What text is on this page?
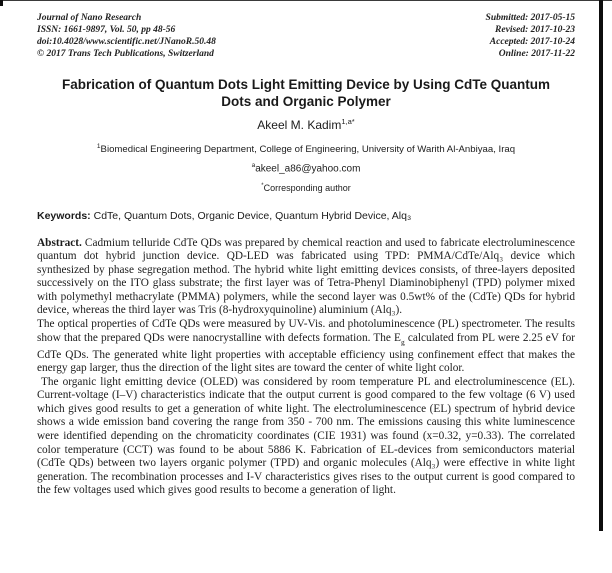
Journal of Nano Research
ISSN: 1661-9897, Vol. 50, pp 48-56
doi:10.4028/www.scientific.net/JNanoR.50.48
© 2017 Trans Tech Publications, Switzerland
Submitted: 2017-05-15
Revised: 2017-10-23
Accepted: 2017-10-24
Online: 2017-11-22
Fabrication of Quantum Dots Light Emitting Device by Using CdTe Quantum Dots and Organic Polymer
Akeel M. Kadim$^{1,a*}$
$^1$Biomedical Engineering Department, College of Engineering, University of Warith Al-Anbiyaa, Iraq
$^a$akeel_a86@yahoo.com
*Corresponding author
Keywords: CdTe, Quantum Dots, Organic Device, Quantum Hybrid Device, Alq₃

Abstract. Cadmium telluride CdTe QDs was prepared by chemical reaction and used to fabricate electroluminescence quantum dot hybrid junction device. QD-LED was fabricated using TPD: PMMA/CdTe/Alq₃ device which synthesized by phase segregation method. The hybrid white light emitting devices consists, of three-layers deposited successively on the ITO glass substrate; the first layer was of Tetra-Phenyl Diaminobiphenyl (TPD) polymer mixed with polymethyl methacrylate (PMMA) polymers, while the second layer was 0.5wt% of the (CdTe) QDs for hybrid device, whereas the third layer was Tris (8-hydroxyquinoline) aluminium (Alq₃).

The optical properties of CdTe QDs were measured by UV-Vis. and photoluminescence (PL) spectrometer. The results show that the prepared QDs were nanocrystalline with defects formation. The $E_g$ calculated from PL were 2.25 eV for CdTe QDs. The generated white light properties with acceptable efficiency using confinement effect that makes the energy gap larger, thus the direction of the light sites are toward the center of white light color.

The organic light emitting device (OLED) was considered by room temperature PL and electroluminescence (EL). Current-voltage (I–V) characteristics indicate that the output current is good compared to the few voltage (6 V) used which gives good results to get a generation of white light. The electroluminescence (EL) spectrum of hybrid device shows a wide emission band covering the range from 350 - 700 nm. The emissions causing this white luminescence were identified depending on the chromaticity coordinates (CIE 1931) was found (x=0.32, y=0.33). The correlated color temperature (CCT) was found to be about 5886 K. Fabrication of EL-devices from semiconductors material (CdTe QDs) between two layers organic polymer (TPD) and organic molecules (Alq₃) were effective in white light generation. The recombination processes and I-V characteristics gives rises to the output current is good compared to the few voltages used which gives good results to become a generation of light.
